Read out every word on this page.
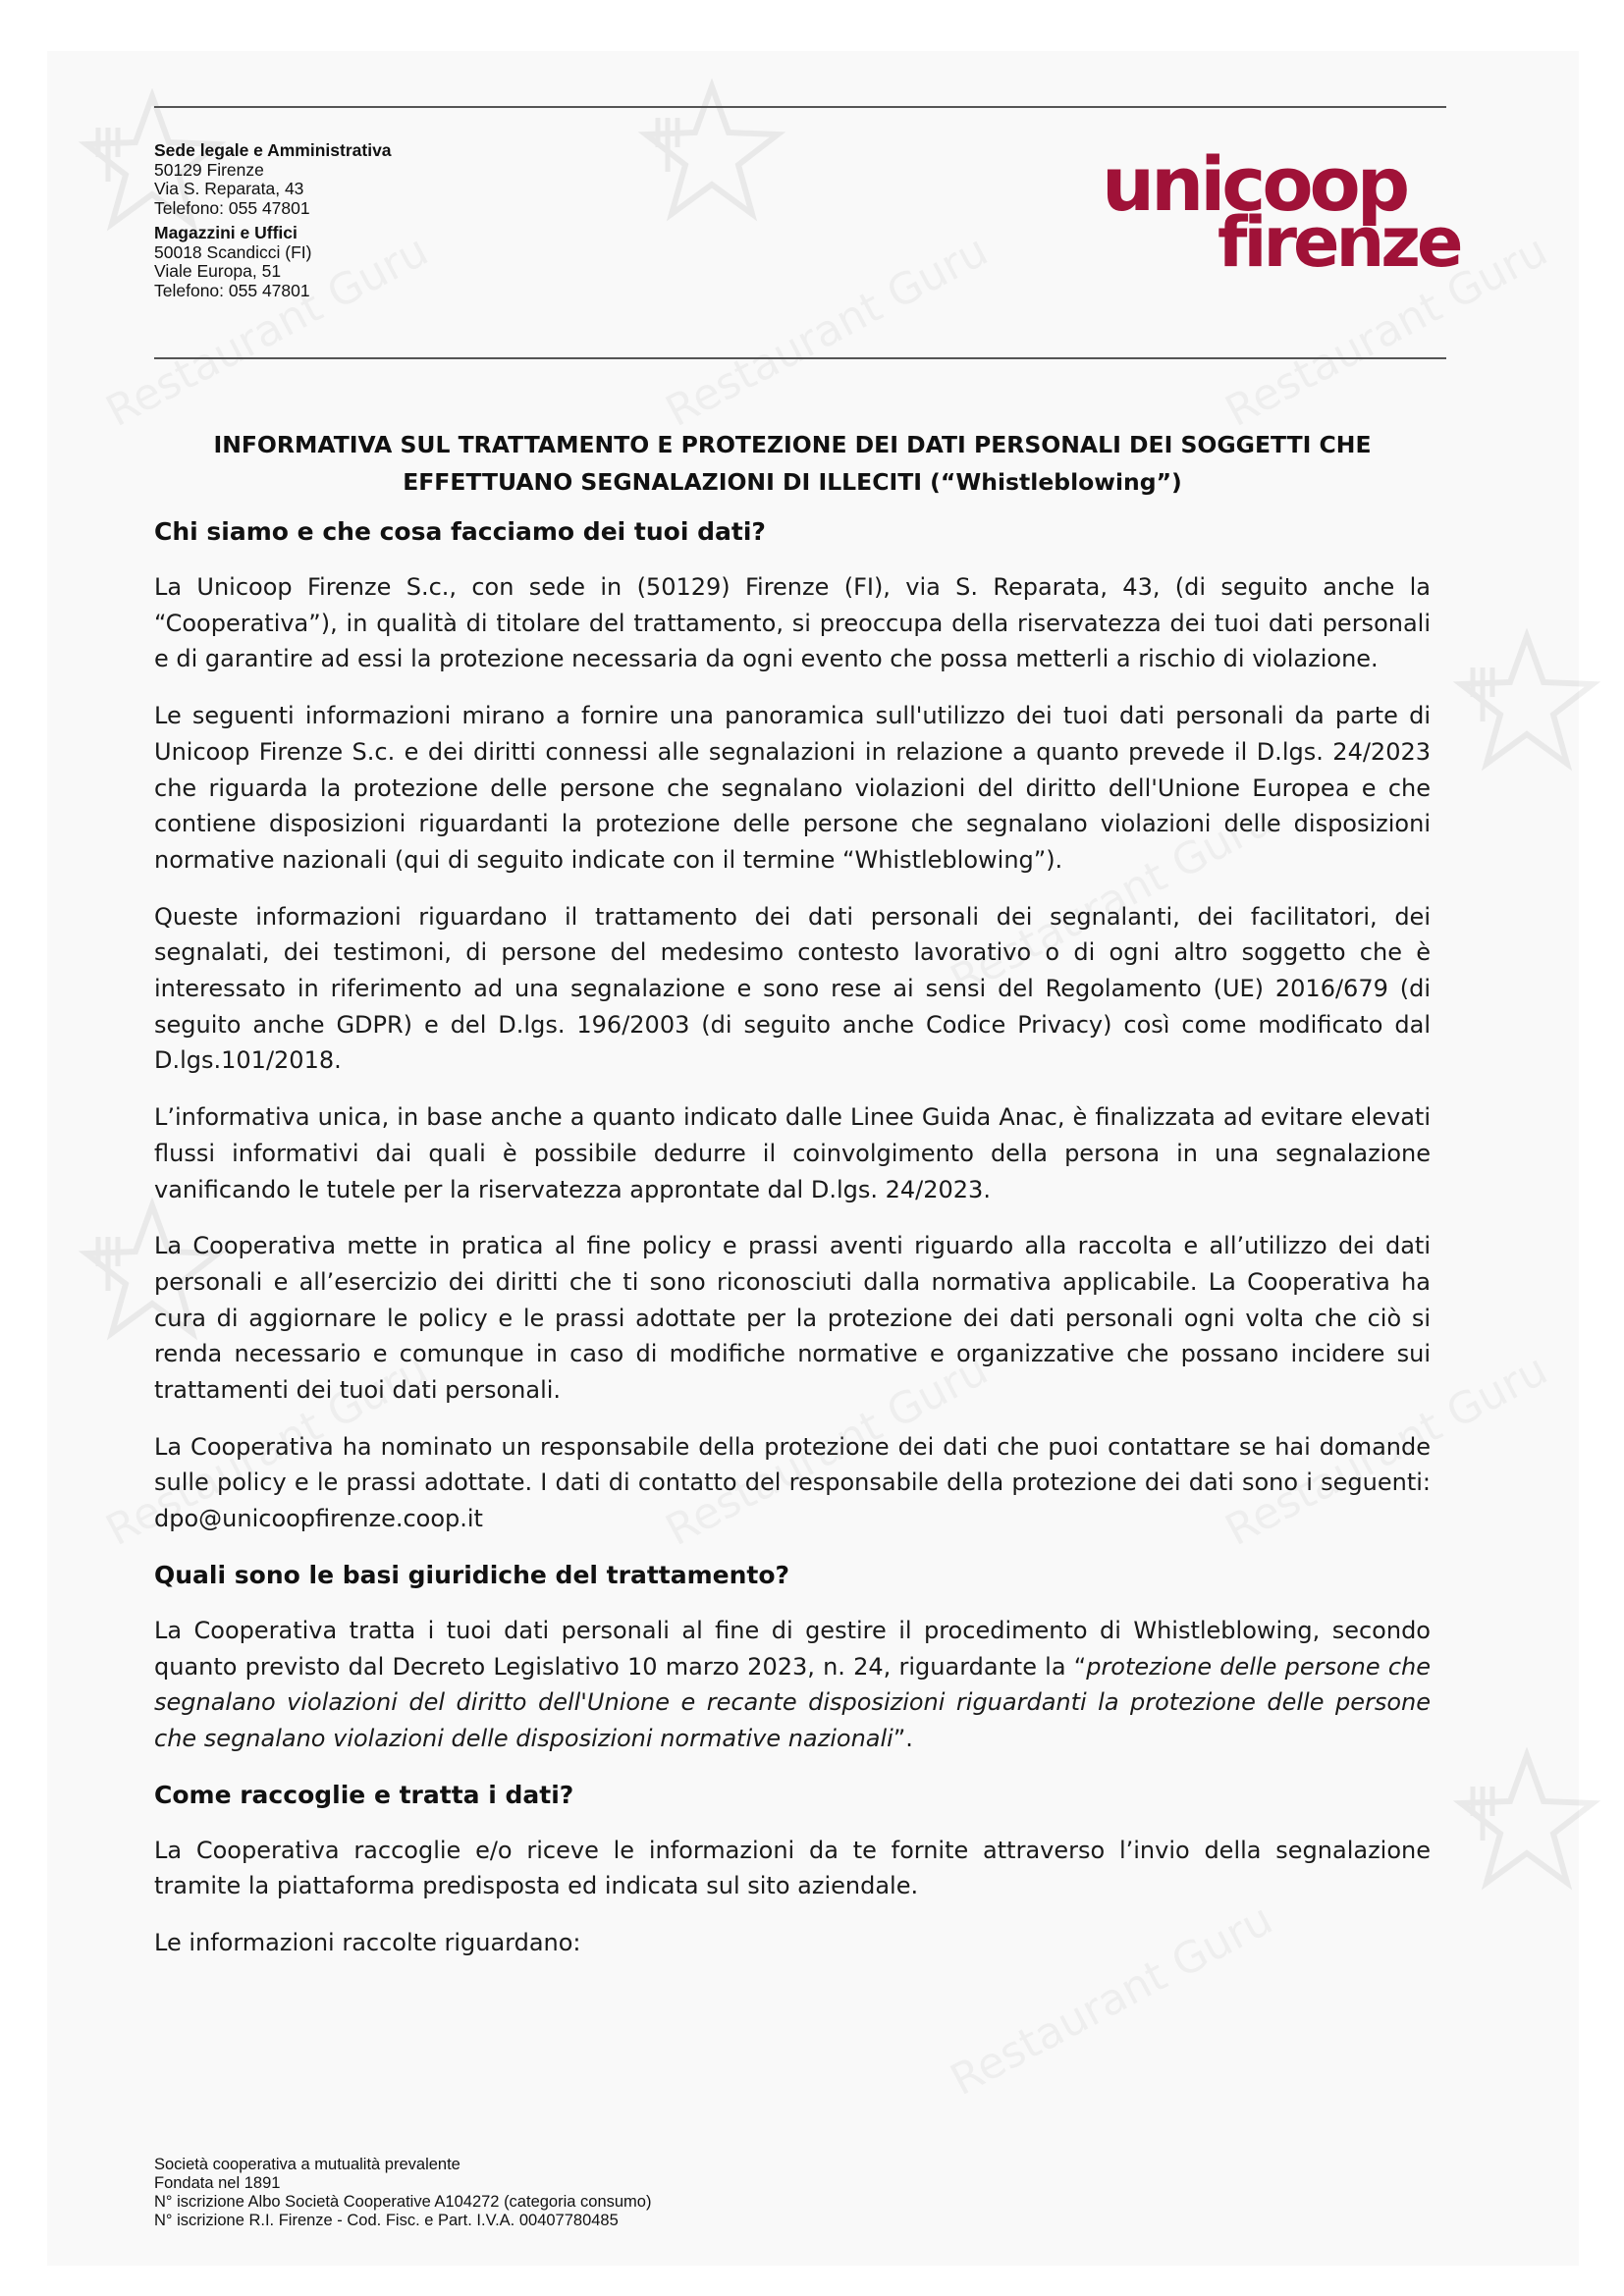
Sede legale e Amministrativa
50129 Firenze
Via S. Reparata, 43
Telefono: 055 47801
Magazzini e Uffici
50018 Scandicci (FI)
Viale Europa, 51
Telefono: 055 47801
unicoop
firenze
INFORMATIVA SUL TRATTAMENTO E PROTEZIONE DEI DATI PERSONALI DEI SOGGETTI CHE
EFFETTUANO SEGNALAZIONI DI ILLECITI (“Whistleblowing”)
Chi siamo e che cosa facciamo dei tuoi dati?

La Unicoop Firenze S.c., con sede in (50129) Firenze (FI), via S. Reparata, 43, (di seguito anche la “Cooperativa”), in qualità di titolare del trattamento, si preoccupa della riservatezza dei tuoi dati personali e di garantire ad essi la protezione necessaria da ogni evento che possa metterli a rischio di violazione.

Le seguenti informazioni mirano a fornire una panoramica sull'utilizzo dei tuoi dati personali da parte di Unicoop Firenze S.c. e dei diritti connessi alle segnalazioni in relazione a quanto prevede il D.lgs. 24/2023 che riguarda la protezione delle persone che segnalano violazioni del diritto dell'Unione Europea e che contiene disposizioni riguardanti la protezione delle persone che segnalano violazioni delle disposizioni normative nazionali (qui di seguito indicate con il termine “Whistleblowing”).

Queste informazioni riguardano il trattamento dei dati personali dei segnalanti, dei facilitatori, dei segnalati, dei testimoni, di persone del medesimo contesto lavorativo o di ogni altro soggetto che è interessato in riferimento ad una segnalazione e sono rese ai sensi del Regolamento (UE) 2016/679 (di seguito anche GDPR) e del D.lgs. 196/2003 (di seguito anche Codice Privacy) così come modificato dal D.lgs.101/2018.

L’informativa unica, in base anche a quanto indicato dalle Linee Guida Anac, è finalizzata ad evitare elevati flussi informativi dai quali è possibile dedurre il coinvolgimento della persona in una segnalazione vanificando le tutele per la riservatezza approntate dal D.lgs. 24/2023.

La Cooperativa mette in pratica al fine policy e prassi aventi riguardo alla raccolta e all’utilizzo dei dati personali e all’esercizio dei diritti che ti sono riconosciuti dalla normativa applicabile. La Cooperativa ha cura di aggiornare le policy e le prassi adottate per la protezione dei dati personali ogni volta che ciò si renda necessario e comunque in caso di modifiche normative e organizzative che possano incidere sui trattamenti dei tuoi dati personali.

La Cooperativa ha nominato un responsabile della protezione dei dati che puoi contattare se hai domande sulle policy e le prassi adottate. I dati di contatto del responsabile della protezione dei dati sono i seguenti: dpo@unicoopfirenze.coop.it

Quali sono le basi giuridiche del trattamento?

La Cooperativa tratta i tuoi dati personali al fine di gestire il procedimento di Whistleblowing, secondo quanto previsto dal Decreto Legislativo 10 marzo 2023, n. 24, riguardante la “protezione delle persone che segnalano violazioni del diritto dell'Unione e recante disposizioni riguardanti la protezione delle persone che segnalano violazioni delle disposizioni normative nazionali”.

Come raccoglie e tratta i dati?

La Cooperativa raccoglie e/o riceve le informazioni da te fornite attraverso l’invio della segnalazione tramite la piattaforma predisposta ed indicata sul sito aziendale.

Le informazioni raccolte riguardano:

Società cooperativa a mutualità prevalente
Fondata nel 1891
N° iscrizione Albo Società Cooperative A104272 (categoria consumo)
N° iscrizione R.I. Firenze - Cod. Fisc. e Part. I.V.A. 00407780485
